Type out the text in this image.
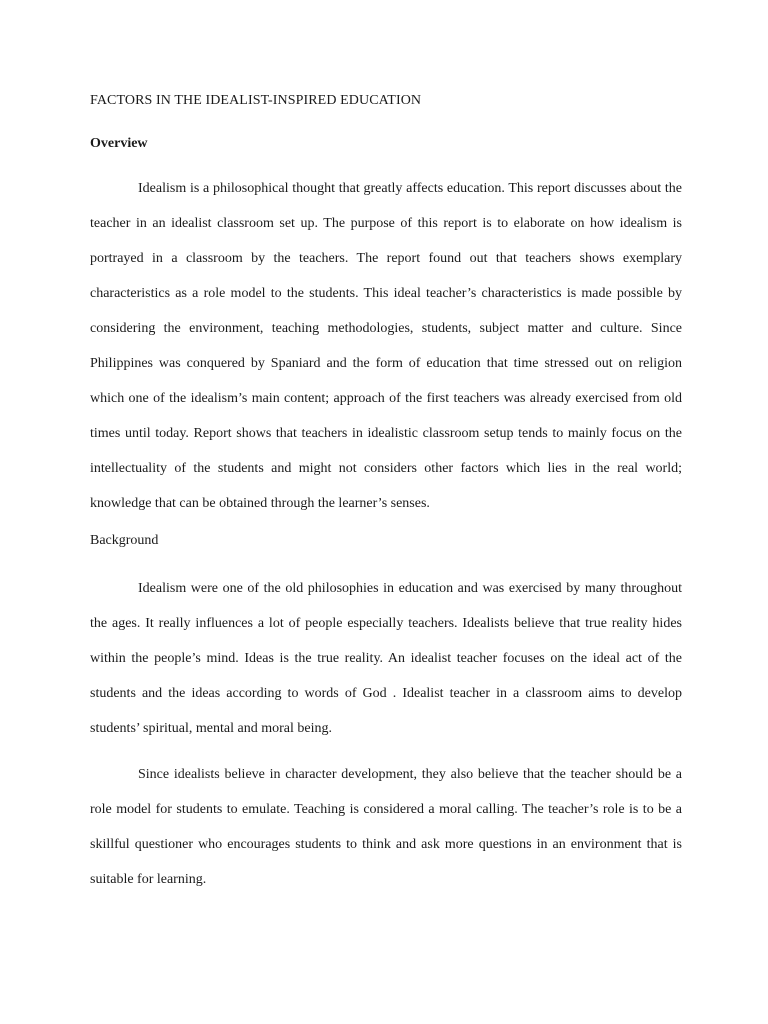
FACTORS IN THE IDEALIST-INSPIRED EDUCATION
Overview

Idealism is a philosophical thought that greatly affects education. This report discusses about the teacher in an idealist classroom set up. The purpose of this report is to elaborate on how idealism is portrayed in a classroom by the teachers. The report found out that teachers shows exemplary characteristics as a role model to the students. This ideal teacher’s characteristics is made possible by considering the environment, teaching methodologies, students, subject matter and culture. Since Philippines was conquered by Spaniard and the form of education that time stressed out on religion which one of the idealism’s main content; approach of the first teachers was already exercised from old times until today. Report shows that teachers in idealistic classroom setup tends to mainly focus on the intellectuality of the students and might not considers other factors which lies in the real world; knowledge that can be obtained through the learner’s senses.

Background

Idealism were one of the old philosophies in education and was exercised by many throughout the ages. It really influences a lot of people especially teachers. Idealists believe that true reality hides within the people’s mind. Ideas is the true reality. An idealist teacher focuses on the ideal act of the students and the ideas according to words of God . Idealist teacher in a classroom aims to develop students’ spiritual, mental and moral being.

Since idealists believe in character development, they also believe that the teacher should be a role model for students to emulate. Teaching is considered a moral calling. The teacher’s role is to be a skillful questioner who encourages students to think and ask more questions in an environment that is suitable for learning.
